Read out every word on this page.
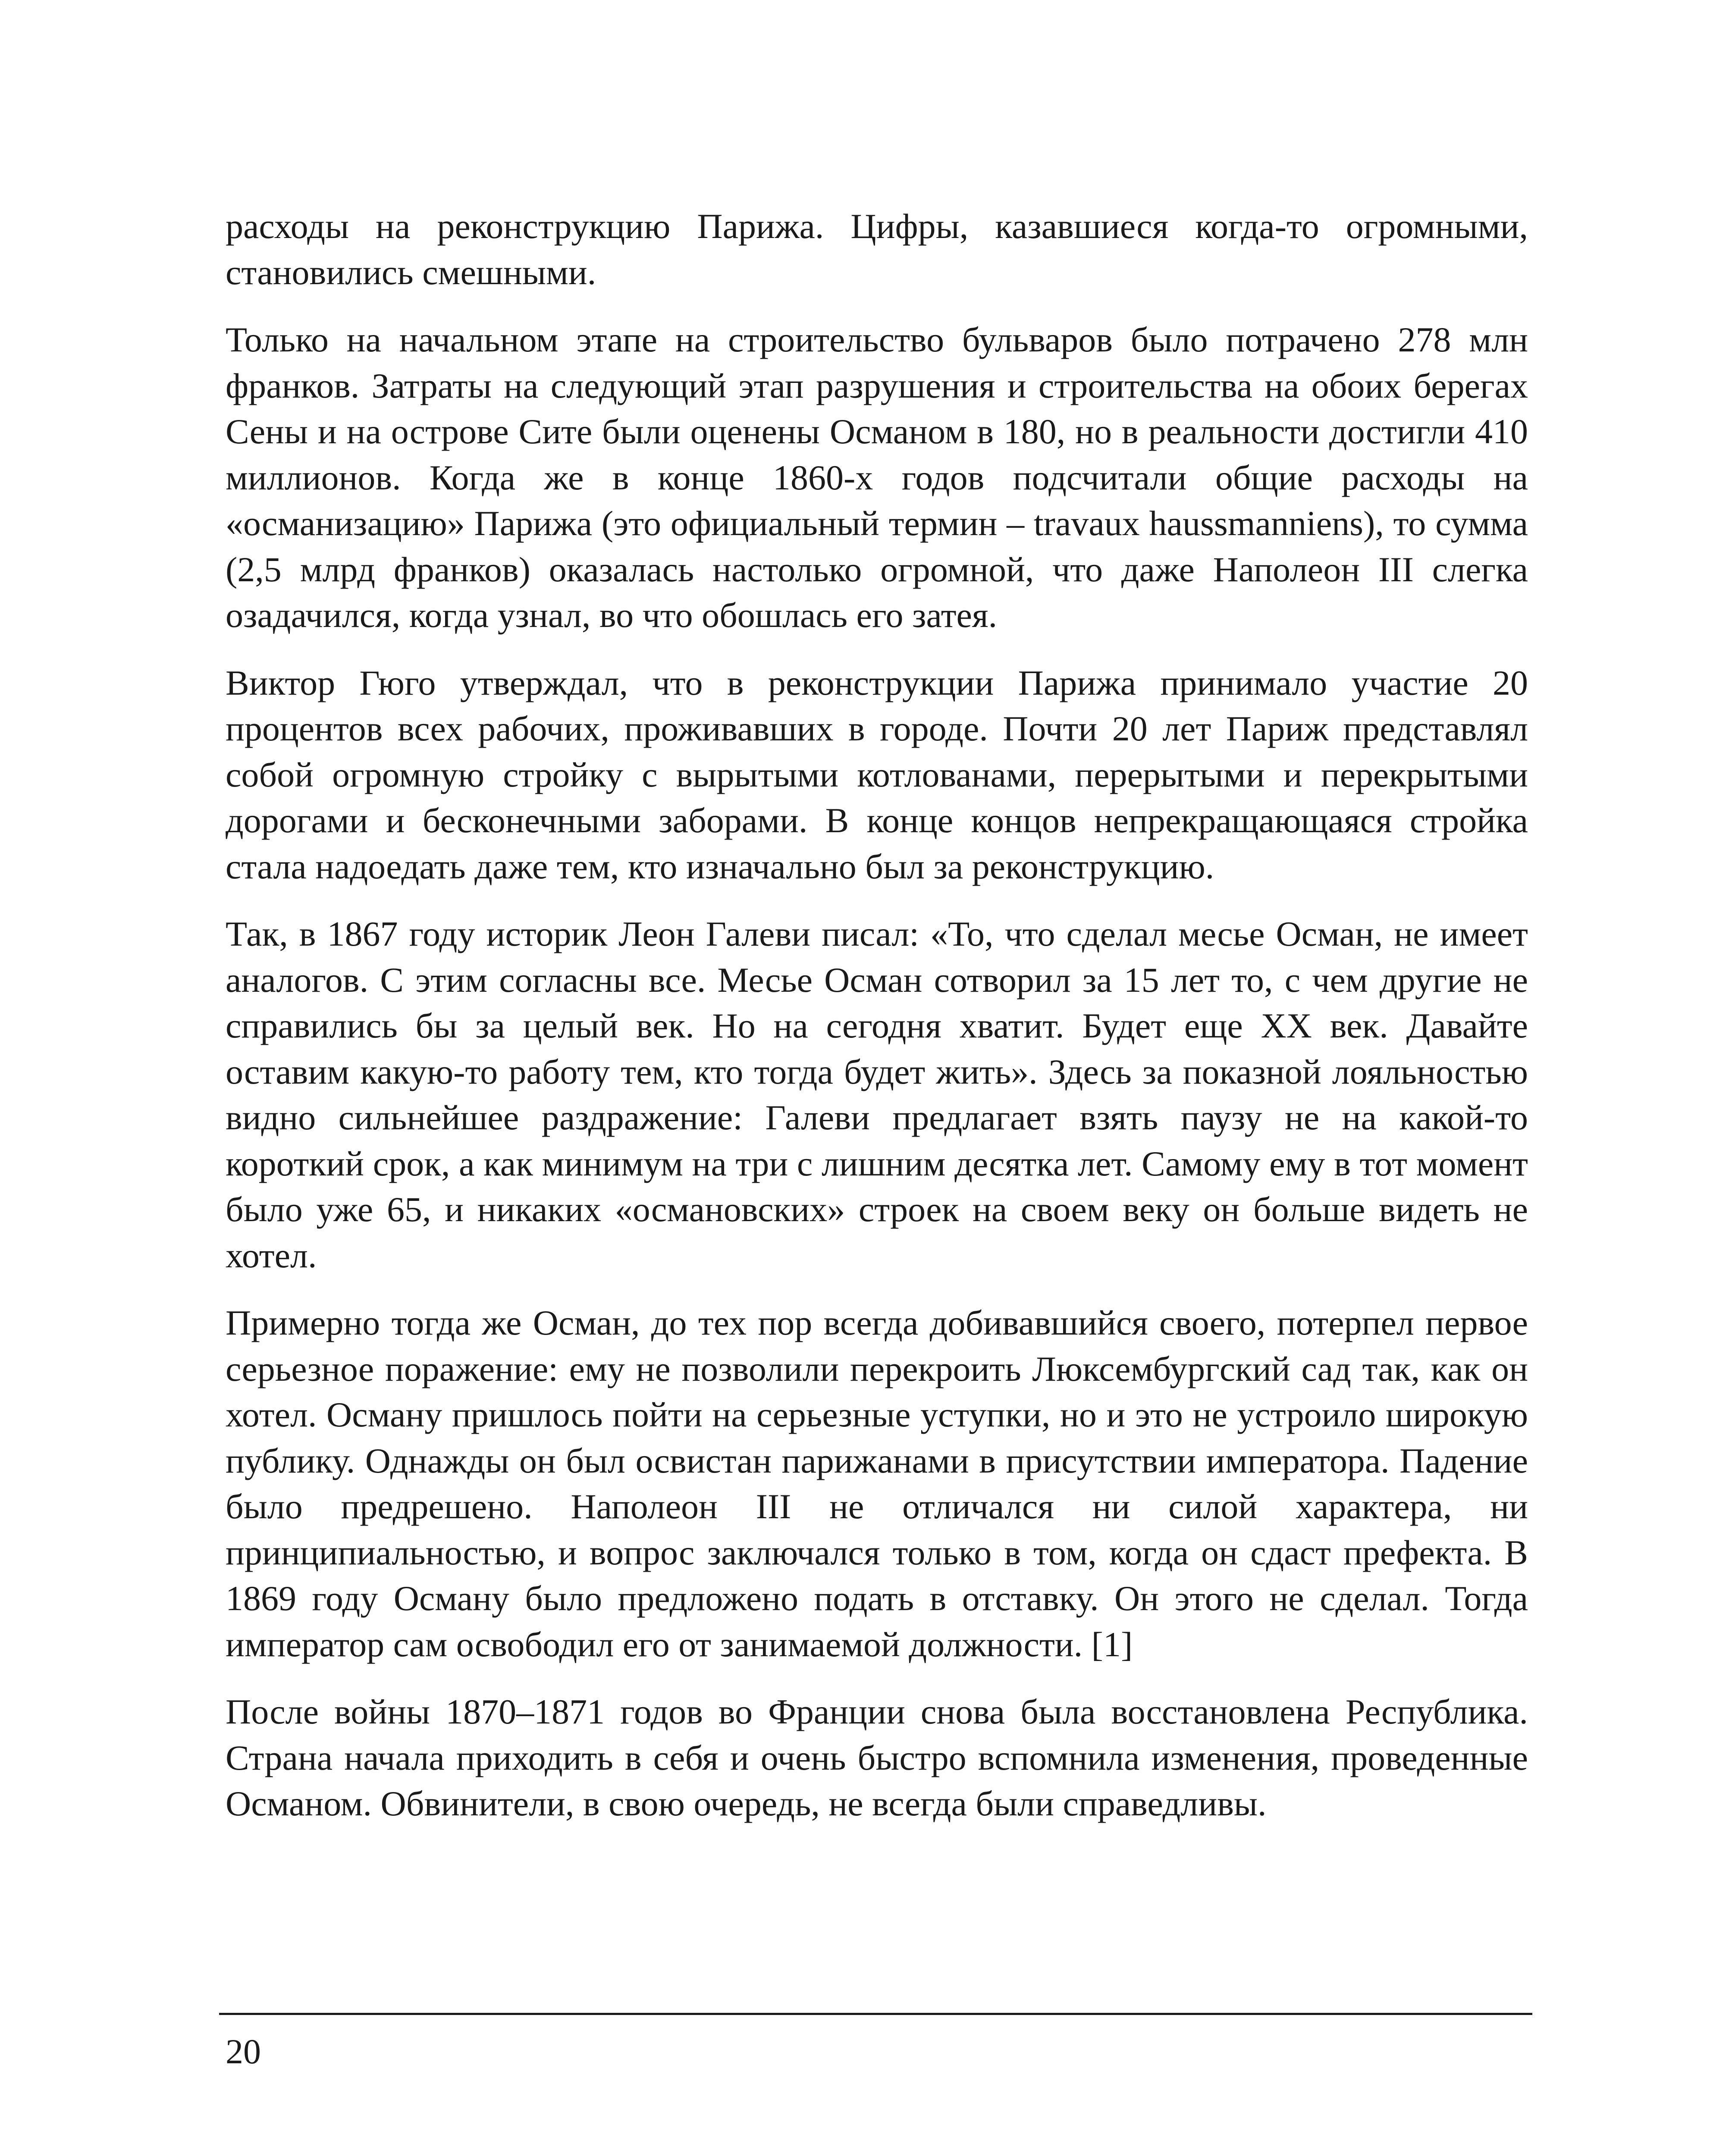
расходы на реконструкцию Парижа. Цифры, казавшиеся когда-то огромными, становились смешными.

Только на начальном этапе на строительство бульваров было потрачено 278 млн франков. Затраты на следующий этап разрушения и строительства на обоих берегах Сены и на острове Сите были оценены Османом в 180, но в реальности достигли 410 миллионов. Когда же в конце 1860-х годов подсчитали общие расходы на «османизацию» Парижа (это официальный термин – travaux haussmanniens), то сумма (2,5 млрд франков) оказалась настолько огромной, что даже Наполеон III слегка озадачился, когда узнал, во что обошлась его затея.

Виктор Гюго утверждал, что в реконструкции Парижа принимало участие 20 процентов всех рабочих, проживавших в городе. Почти 20 лет Париж представлял собой огромную стройку с вырытыми котлованами, перерытыми и перекрытыми дорогами и бесконечными заборами. В конце концов непрекращающаяся стройка стала надоедать даже тем, кто изначально был за реконструкцию.

Так, в 1867 году историк Леон Галеви писал: «То, что сделал месье Осман, не имеет аналогов. С этим согласны все. Месье Осман сотворил за 15 лет то, с чем другие не справились бы за целый век. Но на сегодня хватит. Будет еще XX век. Давайте оставим какую-то работу тем, кто тогда будет жить». Здесь за показной лояльностью видно сильнейшее раздражение: Галеви предлагает взять паузу не на какой-то короткий срок, а как минимум на три с лишним десятка лет. Самому ему в тот момент было уже 65, и никаких «османовских» строек на своем веку он больше видеть не хотел.

Примерно тогда же Осман, до тех пор всегда добивавшийся своего, потерпел первое серьезное поражение: ему не позволили перекроить Люксембургский сад так, как он хотел. Осману пришлось пойти на серьезные уступки, но и это не устроило широкую публику. Однажды он был освистан парижанами в присутствии императора. Падение было предрешено. Наполеон III не отличался ни силой характера, ни принципиальностью, и вопрос заключался только в том, когда он сдаст префекта. В 1869 году Осману было предложено подать в отставку. Он этого не сделал. Тогда император сам освободил его от занимаемой должности. [1]

После войны 1870–1871 годов во Франции снова была восстановлена Республика. Страна начала приходить в себя и очень быстро вспомнила изменения, проведенные Османом. Обвинители, в свою очередь, не всегда были справедливы.

20
